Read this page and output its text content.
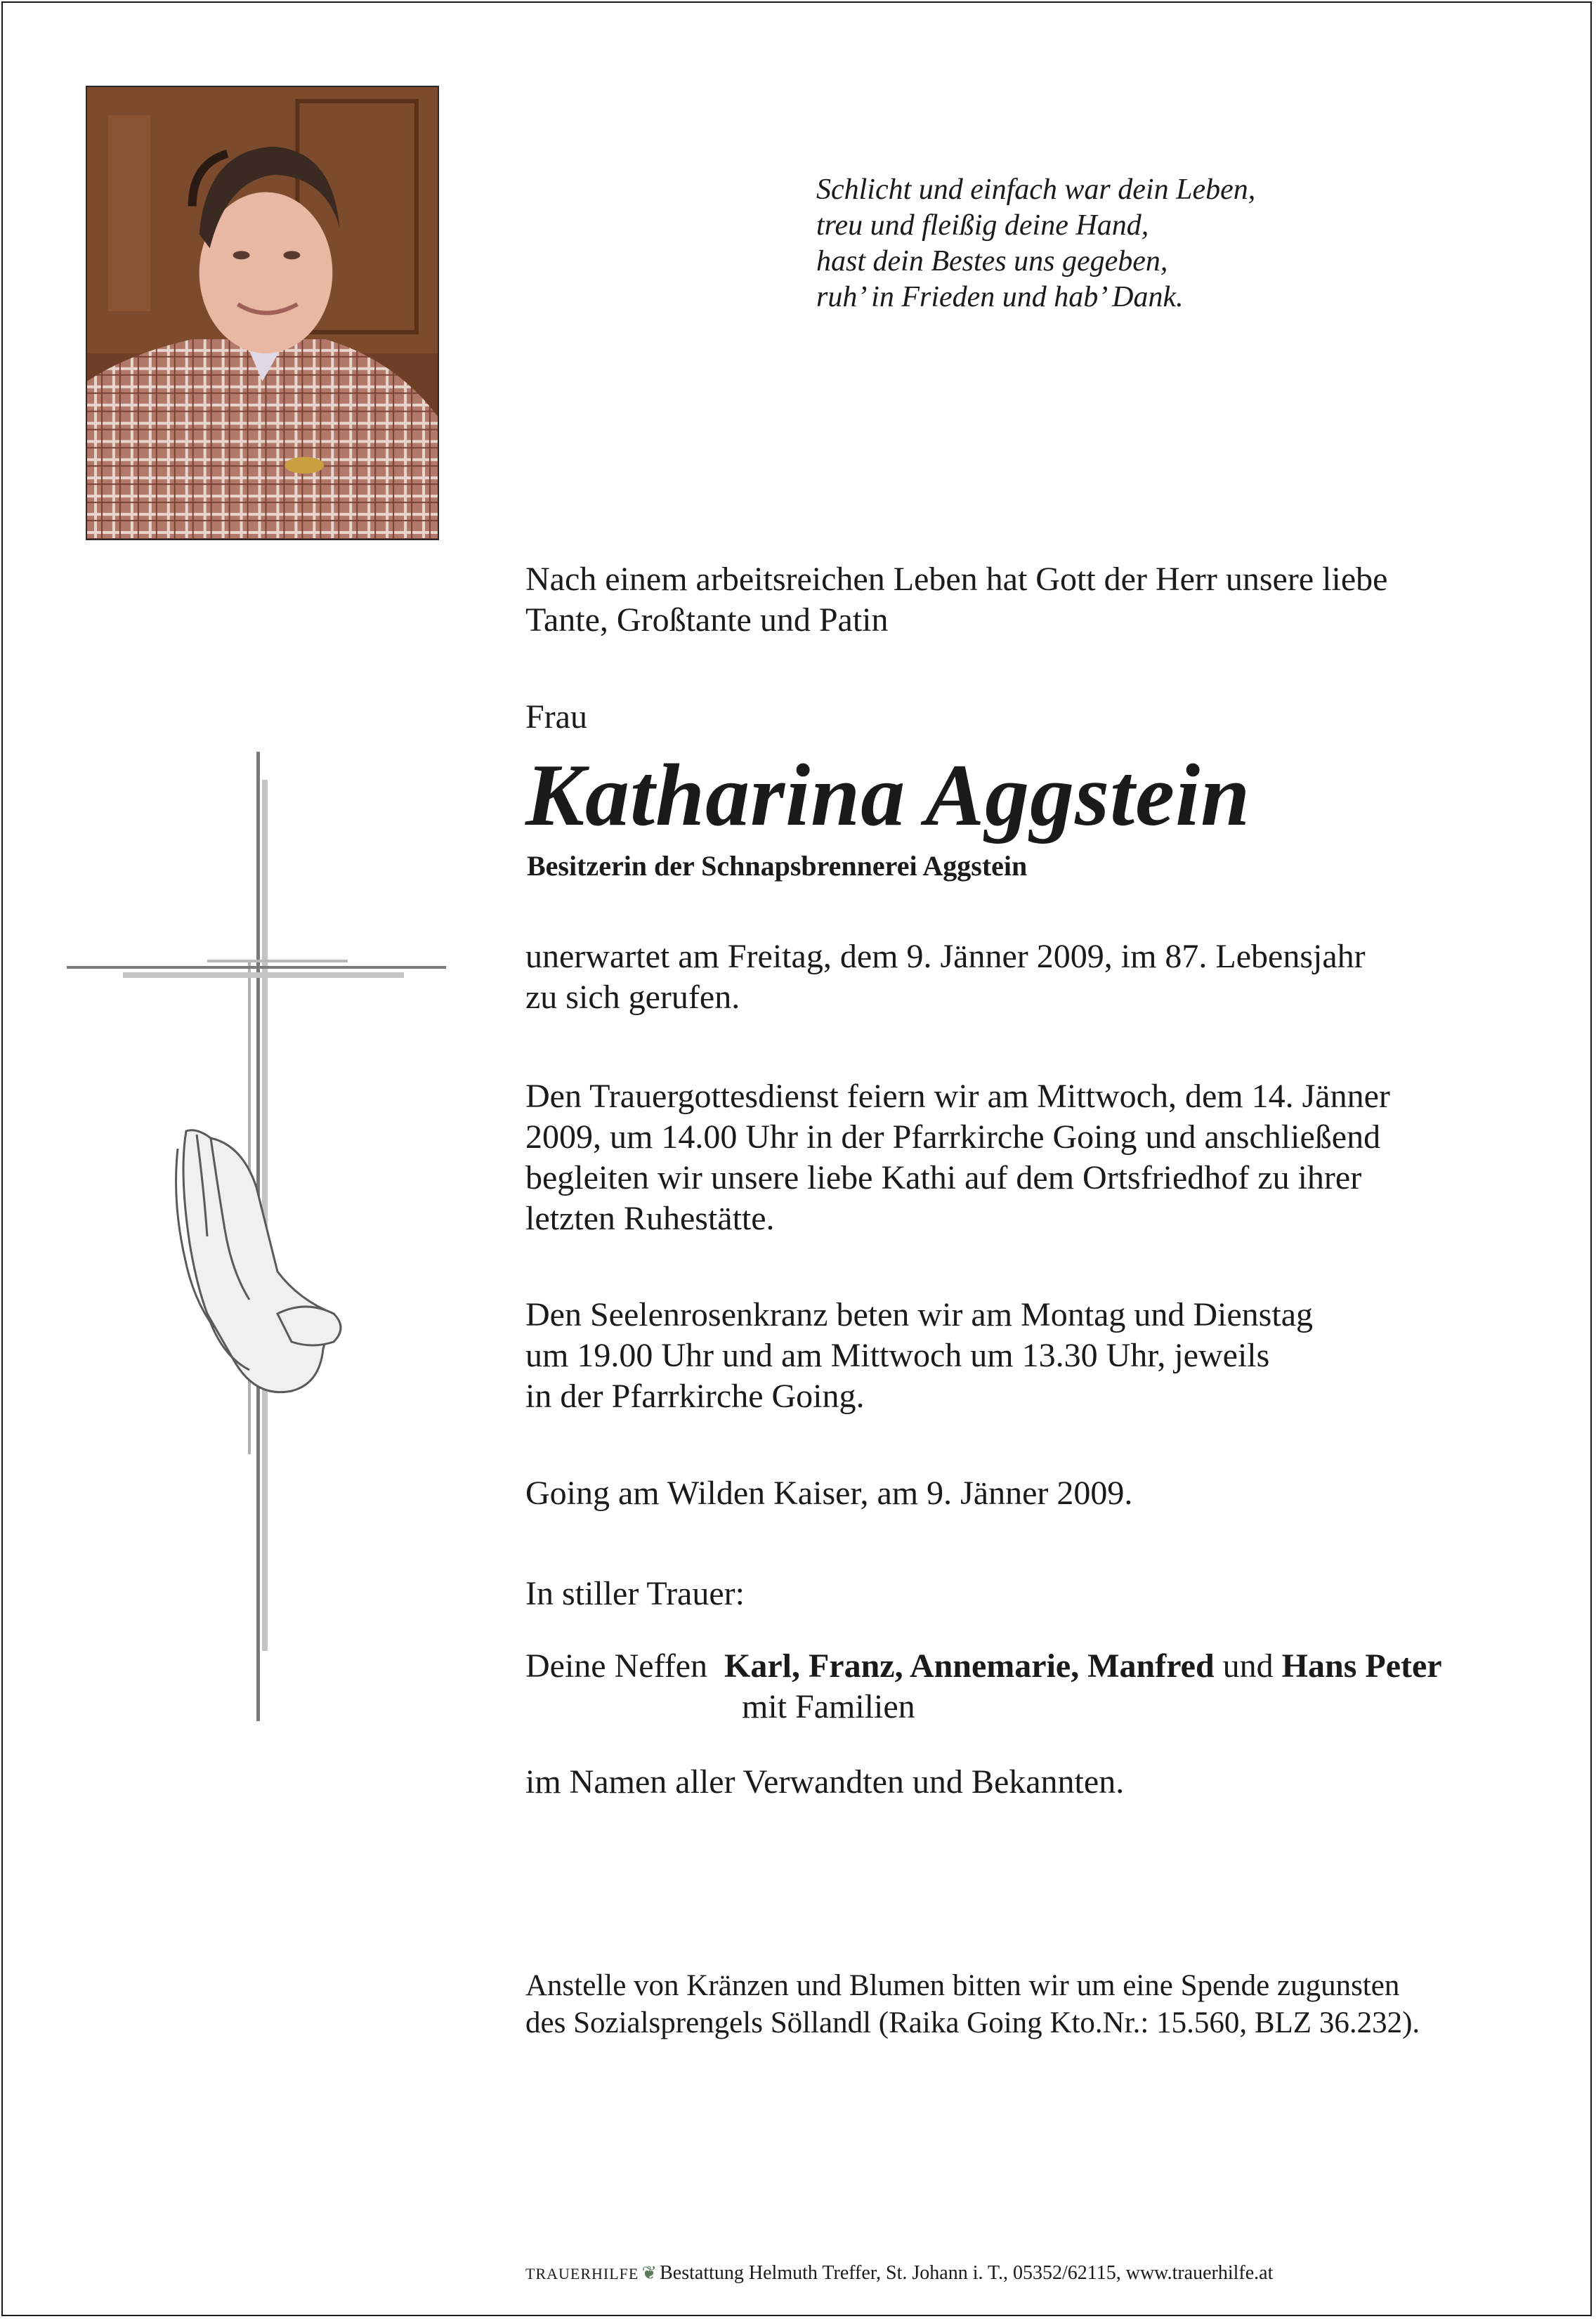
Schlicht und einfach war dein Leben,
treu und fleißig deine Hand,
hast dein Bestes uns gegeben,
ruh’ in Frieden und hab’ Dank.
Nach einem arbeitsreichen Leben hat Gott der Herr unsere liebe
Tante, Großtante und Patin
Frau
Katharina Aggstein
Besitzerin der Schnapsbrennerei Aggstein
unerwartet am Freitag, dem 9. Jänner 2009, im 87. Lebensjahr
zu sich gerufen.
Den Trauergottesdienst feiern wir am Mittwoch, dem 14. Jänner
2009, um 14.00 Uhr in der Pfarrkirche Going und anschließend
begleiten wir unsere liebe Kathi auf dem Ortsfriedhof zu ihrer
letzten Ruhestätte.
Den Seelenrosenkranz beten wir am Montag und Dienstag
um 19.00 Uhr und am Mittwoch um 13.30 Uhr, jeweils
in der Pfarrkirche Going.
Going am Wilden Kaiser, am 9. Jänner 2009.
In stiller Trauer:
Deine Neffen Karl, Franz, Annemarie, Manfred und Hans Peter
mit Familien
im Namen aller Verwandten und Bekannten.
Anstelle von Kränzen und Blumen bitten wir um eine Spende zugunsten
des Sozialsprengels Söllandl (Raika Going Kto.Nr.: 15.560, BLZ 36.232).
TRAUERHILFE ❦ Bestattung Helmuth Treffer, St. Johann i. T., 05352/62115, www.trauerhilfe.at
